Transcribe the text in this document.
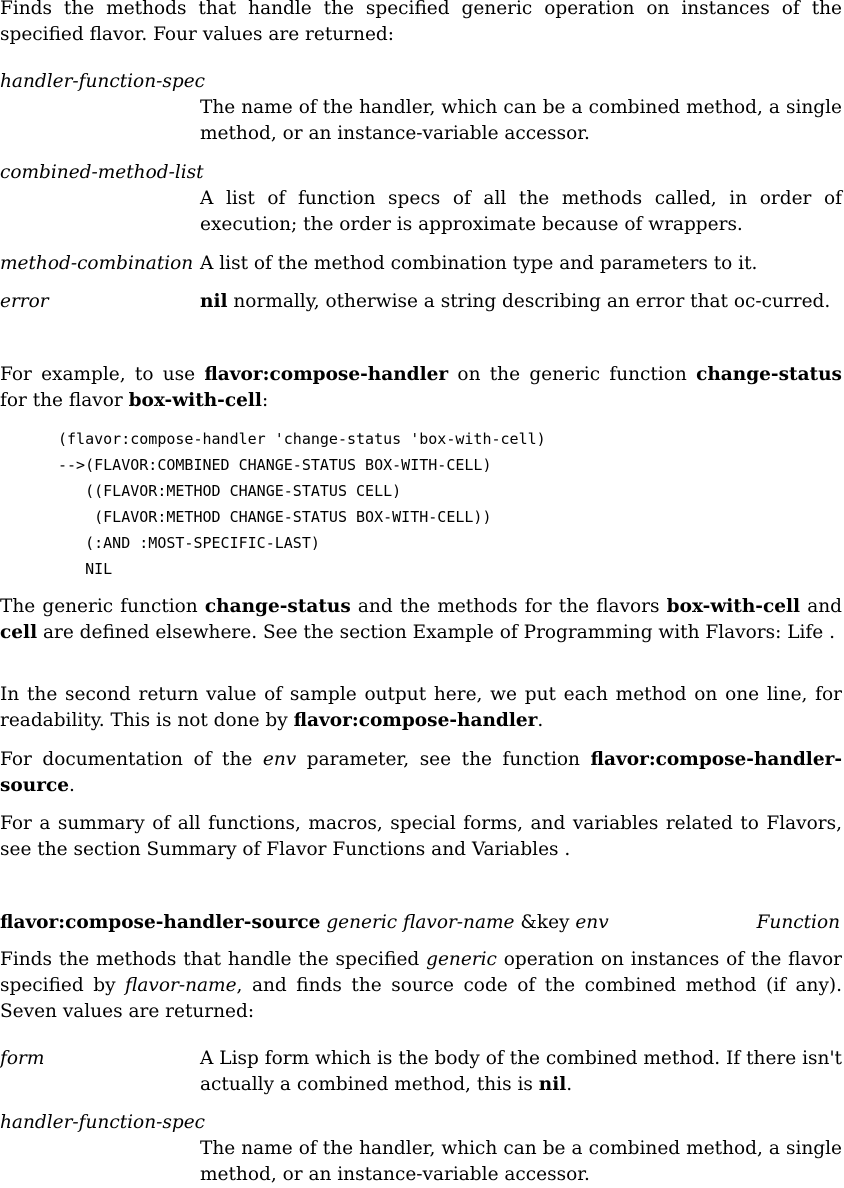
Finds the methods that handle the specified generic operation on instances of the specified flavor. Four values are returned:

handler-function-spec
The name of the handler, which can be a combined method, a single method, or an instance-variable accessor.
combined-method-list
A list of function specs of all the methods called, in order of execution; the order is approximate because of wrappers.
method-combination A list of the method combination type and parameters to it.
error	nil normally, otherwise a string describing an error that oc-curred.

For example, to use flavor:compose-handler on the generic function change-status for the flavor box-with-cell:

(flavor:compose-handler 'change-status 'box-with-cell)
-->(FLAVOR:COMBINED CHANGE-STATUS BOX-WITH-CELL)
((FLAVOR:METHOD CHANGE-STATUS CELL)
(FLAVOR:METHOD CHANGE-STATUS BOX-WITH-CELL))
(:AND :MOST-SPECIFIC-LAST)
NIL

The generic function change-status and the methods for the flavors box-with-cell and cell are defined elsewhere. See the section Example of Programming with Flavors: Life .

In the second return value of sample output here, we put each method on one line, for readability. This is not done by flavor:compose-handler.

For documentation of the env parameter, see the function flavor:compose-handler-source.

For a summary of all functions, macros, special forms, and variables related to Flavors, see the section Summary of Flavor Functions and Variables .

flavor:compose-handler-source generic flavor-name &key env	Function

Finds the methods that handle the specified generic operation on instances of the flavor specified by flavor-name, and finds the source code of the combined method (if any). Seven values are returned:

form	A Lisp form which is the body of the combined method. If there isn't actually a combined method, this is nil.
handler-function-spec
The name of the handler, which can be a combined method, a single method, or an instance-variable accessor.
